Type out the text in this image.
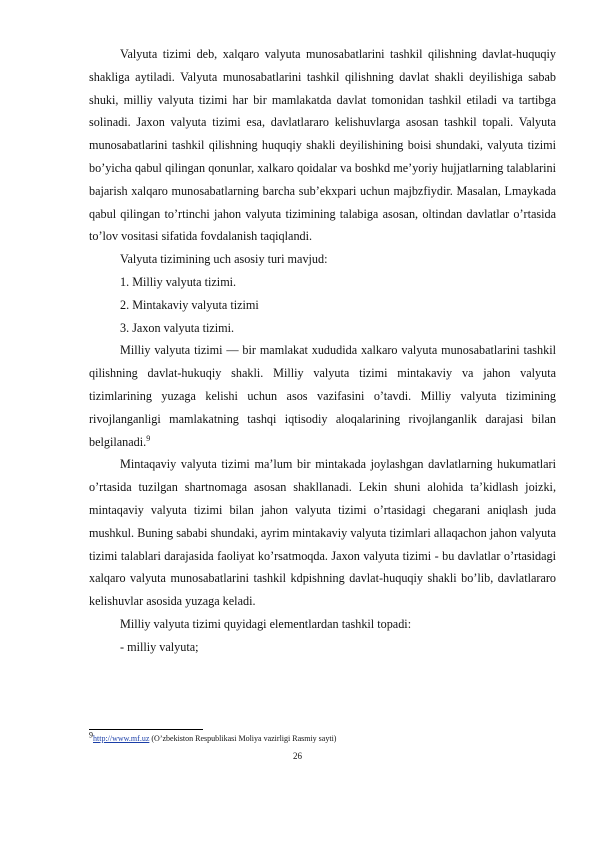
Valyuta tizimi deb, xalqaro valyuta munosabatlarini tashkil qilishning davlat-huquqiy shakliga aytiladi. Valyuta munosabatlarini tashkil qilishning davlat shakli deyilishiga sabab shuki, milliy valyuta tizimi har bir mamlakatda davlat tomonidan tashkil etiladi va tartibga solinadi. Jaxon valyuta tizimi esa, davlatlararo kelishuvlarga asosan tashkil topali. Valyuta munosabatlarini tashkil qilishning huquqiy shakli deyilishining boisi shundaki, valyuta tizimi bo’yicha qabul qilingan qonunlar, xalkaro qoidalar va boshkd me’yoriy hujjatlarning talablarini bajarish xalqaro munosabatlarning barcha sub’ekxpari uchun majbzfiydir. Masalan, Lmaykada qabul qilingan to’rtinchi jahon valyuta tizimining talabiga asosan, oltindan davlatlar o’rtasida to’lov vositasi sifatida fovdalanish taqiqlandi.

Valyuta tizimining uch asosiy turi mavjud:

1. Milliy valyuta tizimi.

2. Mintakaviy valyuta tizimi

3. Jaxon valyuta tizimi.

Milliy valyuta tizimi — bir mamlakat xududida xalkaro valyuta munosabatlarini tashkil qilishning davlat-hukuqiy shakli. Milliy valyuta tizimi mintakaviy va jahon valyuta tizimlarining yuzaga kelishi uchun asos vazifasini o’tavdi. Milliy valyuta tizimining rivojlanganligi mamlakatning tashqi iqtisodiy aloqalarining rivojlanganlik darajasi bilan belgilanadi.$^9$

Mintaqaviy valyuta tizimi ma’lum bir mintakada joylashgan davlatlarning hukumatlari o’rtasida tuzilgan shartnomaga asosan shakllanadi. Lekin shuni alohida ta’kidlash joizki, mintaqaviy valyuta tizimi bilan jahon valyuta tizimi o’rtasidagi chegarani aniqlash juda mushkul. Buning sababi shundaki, ayrim mintakaviy valyuta tizimlari allaqachon jahon valyuta tizimi talablari darajasida faoliyat ko’rsatmoqda. Jaxon valyuta tizimi - bu davlatlar o’rtasidagi xalqaro valyuta munosabatlarini tashkil kdpishning davlat-huquqiy shakli bo’lib, davlatlararo kelishuvlar asosida yuzaga keladi.

Milliy valyuta tizimi quyidagi elementlardan tashkil topadi:

- milliy valyuta;

$^9$http://www.mf.uz (O’zbekiston Respublikasi Moliya vazirligi Rasmiy sayti)
26
